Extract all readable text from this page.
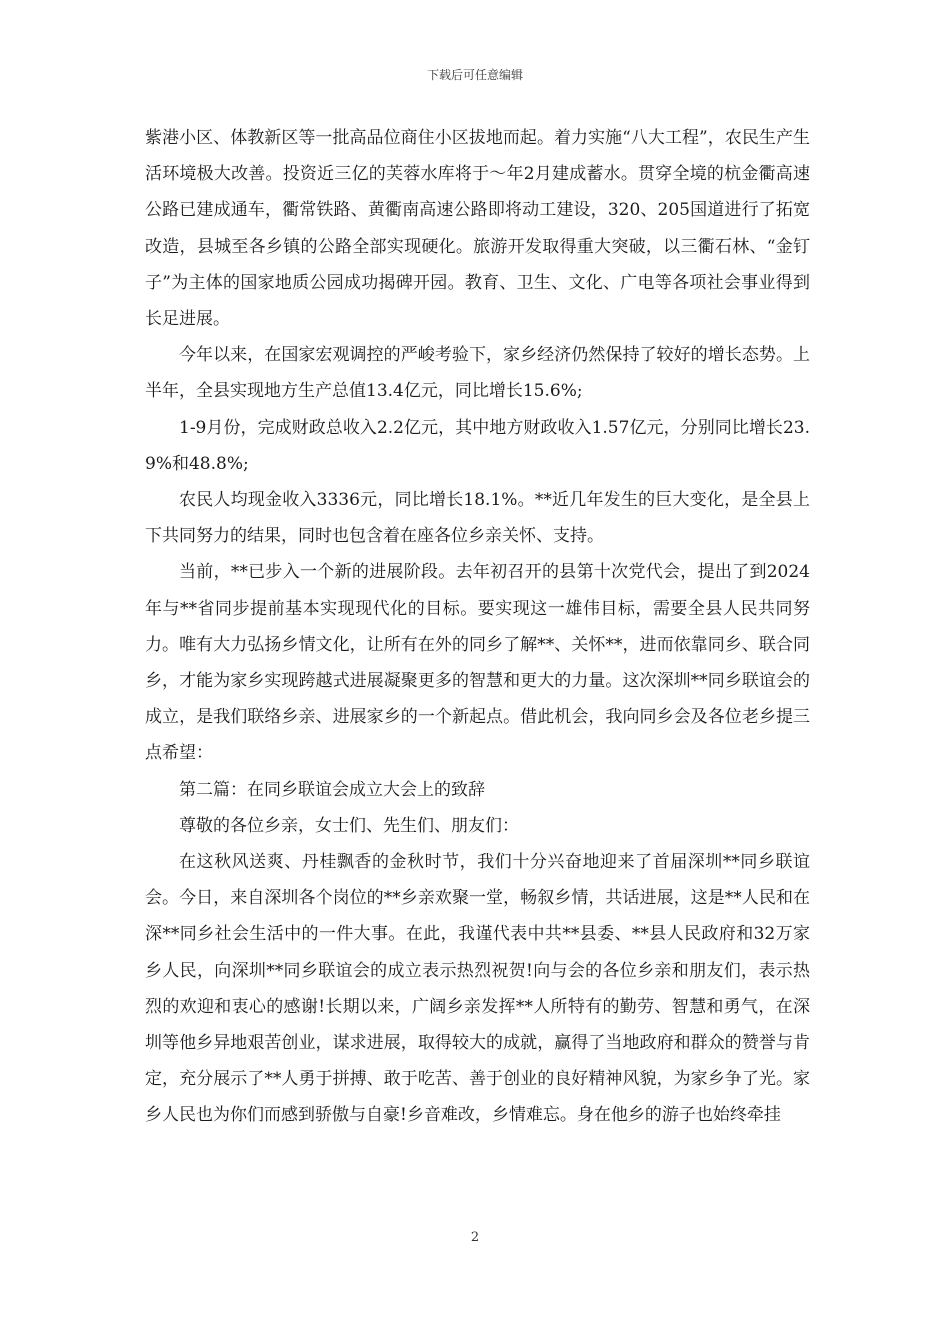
下载后可任意编辑

紫港小区、体教新区等一批高品位商住小区拔地而起。着力实施“八大工程”，农民生产生活环境极大改善。投资近三亿的芙蓉水库将于～年2月建成蓄水。贯穿全境的杭金衢高速公路已建成通车，衢常铁路、黄衢南高速公路即将动工建设，320、205国道进行了拓宽改造，县城至各乡镇的公路全部实现硬化。旅游开发取得重大突破，以三衢石林、“金钉子”为主体的国家地质公园成功揭碑开园。教育、卫生、文化、广电等各项社会事业得到长足进展。

今年以来，在国家宏观调控的严峻考验下，家乡经济仍然保持了较好的增长态势。上半年，全县实现地方生产总值13.4亿元，同比增长15.6%;

1-9月份，完成财政总收入2.2亿元，其中地方财政收入1.57亿元，分别同比增长23.9%和48.8%;

农民人均现金收入3336元，同比增长18.1%。**近几年发生的巨大变化，是全县上下共同努力的结果，同时也包含着在座各位乡亲关怀、支持。

当前，**已步入一个新的进展阶段。去年初召开的县第十次党代会，提出了到2024年与**省同步提前基本实现现代化的目标。要实现这一雄伟目标，需要全县人民共同努力。唯有大力弘扬乡情文化，让所有在外的同乡了解**、关怀**，进而依靠同乡、联合同乡，才能为家乡实现跨越式进展凝聚更多的智慧和更大的力量。这次深圳**同乡联谊会的成立，是我们联络乡亲、进展家乡的一个新起点。借此机会，我向同乡会及各位老乡提三点希望：

第二篇：在同乡联谊会成立大会上的致辞

尊敬的各位乡亲，女士们、先生们、朋友们：

在这秋风送爽、丹桂飘香的金秋时节，我们十分兴奋地迎来了首届深圳**同乡联谊会。今日，来自深圳各个岗位的**乡亲欢聚一堂，畅叙乡情，共话进展，这是**人民和在深**同乡社会生活中的一件大事。在此，我谨代表中共**县委、**县人民政府和32万家乡人民，向深圳**同乡联谊会的成立表示热烈祝贺!向与会的各位乡亲和朋友们，表示热烈的欢迎和衷心的感谢!长期以来，广阔乡亲发挥**人所特有的勤劳、智慧和勇气，在深圳等他乡异地艰苦创业，谋求进展，取得较大的成就，赢得了当地政府和群众的赞誉与肯定，充分展示了**人勇于拼搏、敢于吃苦、善于创业的良好精神风貌，为家乡争了光。家乡人民也为你们而感到骄傲与自豪!乡音难改，乡情难忘。身在他乡的游子也始终牵挂

2
